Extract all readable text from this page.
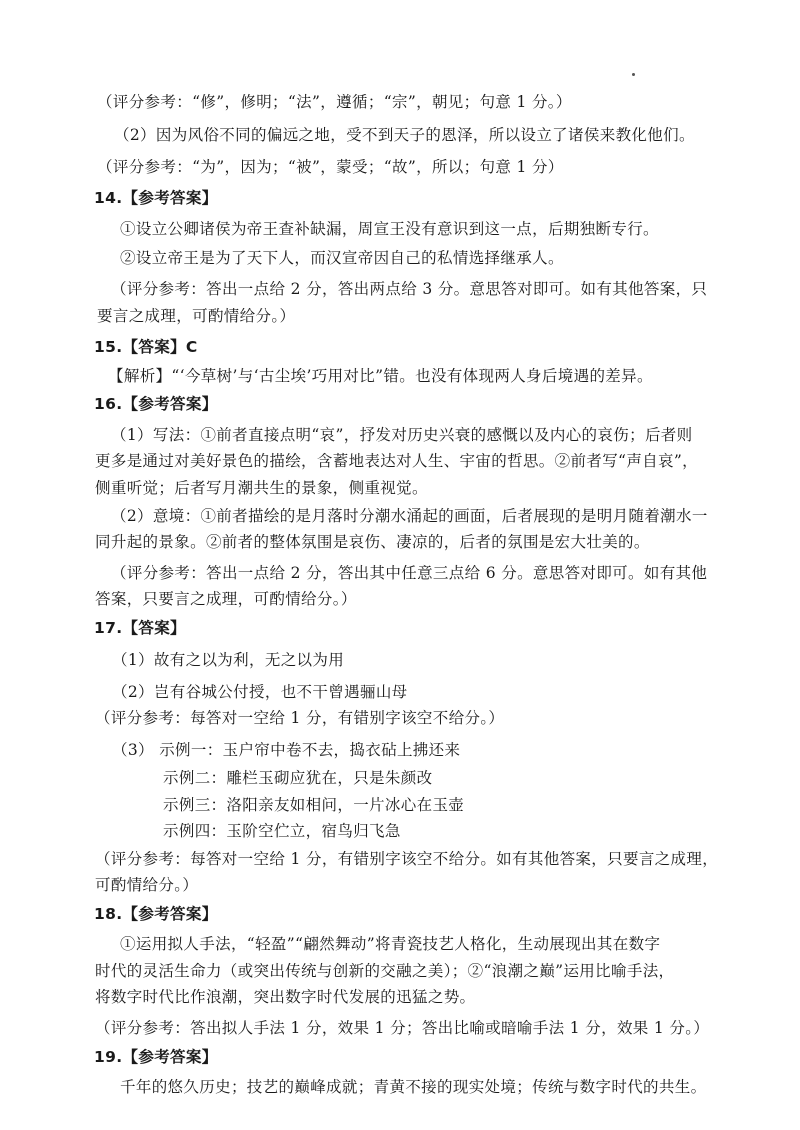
（评分参考：“修”，修明；“法”，遵循；“宗”，朝见；句意 1 分。）
（2）因为风俗不同的偏远之地，受不到天子的恩泽，所以设立了诸侯来教化他们。
（评分参考：“为”，因为；“被”，蒙受；“故”，所以；句意 1 分）
14.【参考答案】
①设立公卿诸侯为帝王查补缺漏，周宣王没有意识到这一点，后期独断专行。
②设立帝王是为了天下人，而汉宣帝因自己的私情选择继承人。
（评分参考：答出一点给 2 分，答出两点给 3 分。意思答对即可。如有其他答案，只
要言之成理，可酌情给分。）
15.【答案】C
【解析】“‘今草树’与‘古尘埃’巧用对比”错。也没有体现两人身后境遇的差异。
16.【参考答案】
（1）写法：①前者直接点明“哀”，抒发对历史兴衰的感慨以及内心的哀伤；后者则
更多是通过对美好景色的描绘，含蓄地表达对人生、宇宙的哲思。②前者写“声自哀”，
侧重听觉；后者写月潮共生的景象，侧重视觉。
（2）意境：①前者描绘的是月落时分潮水涌起的画面，后者展现的是明月随着潮水一
同升起的景象。②前者的整体氛围是哀伤、凄凉的，后者的氛围是宏大壮美的。
（评分参考：答出一点给 2 分，答出其中任意三点给 6 分。意思答对即可。如有其他
答案，只要言之成理，可酌情给分。）
17.【答案】
（1）故有之以为利，无之以为用
（2）岂有谷城公付授，也不干曾遇骊山母
（评分参考：每答对一空给 1 分，有错别字该空不给分。）
（3） 示例一：玉户帘中卷不去，捣衣砧上拂还来
示例二：雕栏玉砌应犹在，只是朱颜改
示例三：洛阳亲友如相问，一片冰心在玉壶
示例四：玉阶空伫立，宿鸟归飞急
（评分参考：每答对一空给 1 分，有错别字该空不给分。如有其他答案，只要言之成理，
可酌情给分。）
18.【参考答案】
①运用拟人手法，“轻盈”“翩然舞动”将青瓷技艺人格化，生动展现出其在数字
时代的灵活生命力（或突出传统与创新的交融之美）；②“浪潮之巅”运用比喻手法，
将数字时代比作浪潮，突出数字时代发展的迅猛之势。
（评分参考：答出拟人手法 1 分，效果 1 分；答出比喻或暗喻手法 1 分，效果 1 分。）
19.【参考答案】
千年的悠久历史；技艺的巅峰成就；青黄不接的现实处境；传统与数字时代的共生。
